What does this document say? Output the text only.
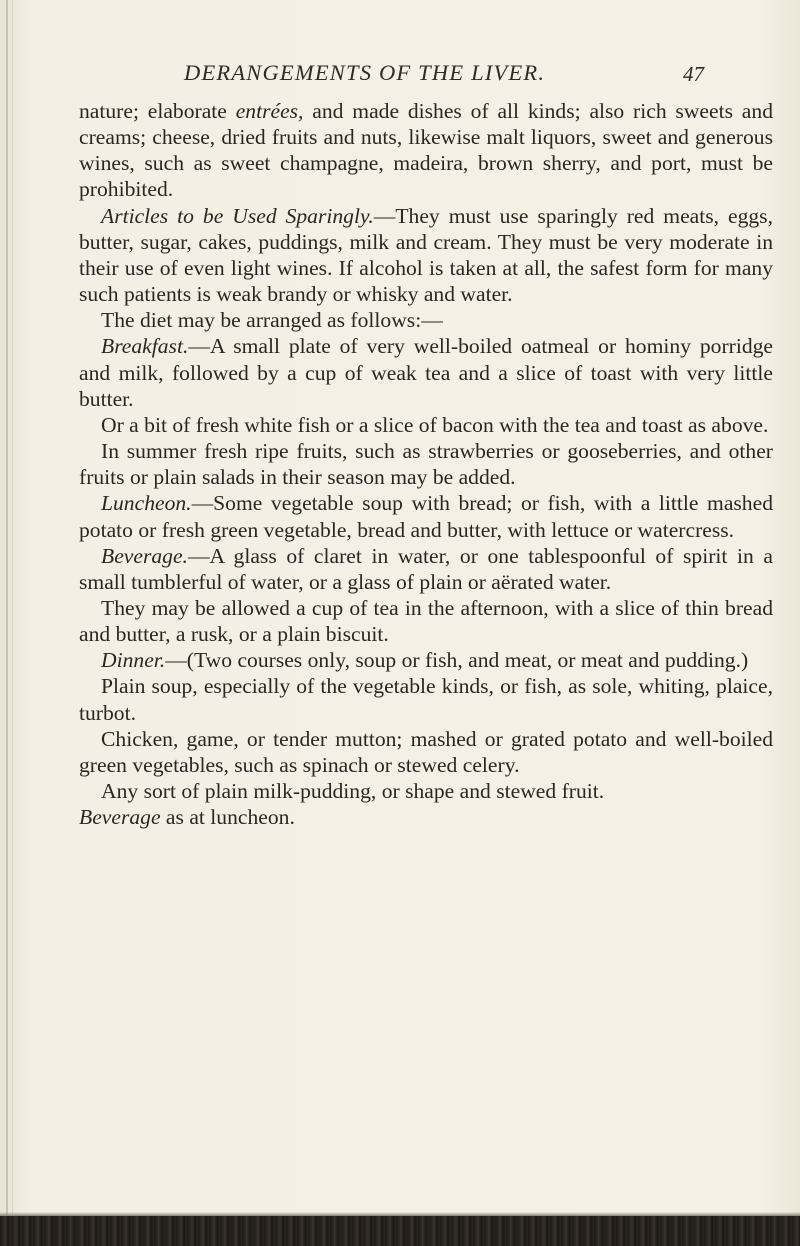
DERANGEMENTS OF THE LIVER.	47

nature; elaborate entrées, and made dishes of all kinds; also rich sweets and creams; cheese, dried fruits and nuts, likewise malt liquors, sweet and generous wines, such as sweet champagne, madeira, brown sherry, and port, must be prohibited.

Articles to be Used Sparingly.—They must use sparingly red meats, eggs, butter, sugar, cakes, puddings, milk and cream. They must be very moderate in their use of even light wines. If alcohol is taken at all, the safest form for many such patients is weak brandy or whisky and water.

The diet may be arranged as follows:—

Breakfast.—A small plate of very well-boiled oatmeal or hominy porridge and milk, followed by a cup of weak tea and a slice of toast with very little butter.

Or a bit of fresh white fish or a slice of bacon with the tea and toast as above.

In summer fresh ripe fruits, such as strawberries or gooseberries, and other fruits or plain salads in their season may be added.

Luncheon.—Some vegetable soup with bread; or fish, with a little mashed potato or fresh green vegetable, bread and butter, with lettuce or watercress.

Beverage.—A glass of claret in water, or one tablespoonful of spirit in a small tumblerful of water, or a glass of plain or aërated water.

They may be allowed a cup of tea in the afternoon, with a slice of thin bread and butter, a rusk, or a plain biscuit.

Dinner.—(Two courses only, soup or fish, and meat, or meat and pudding.)

Plain soup, especially of the vegetable kinds, or fish, as sole, whiting, plaice, turbot.

Chicken, game, or tender mutton; mashed or grated potato and well-boiled green vegetables, such as spinach or stewed celery.

Any sort of plain milk-pudding, or shape and stewed fruit.

Beverage as at luncheon.
